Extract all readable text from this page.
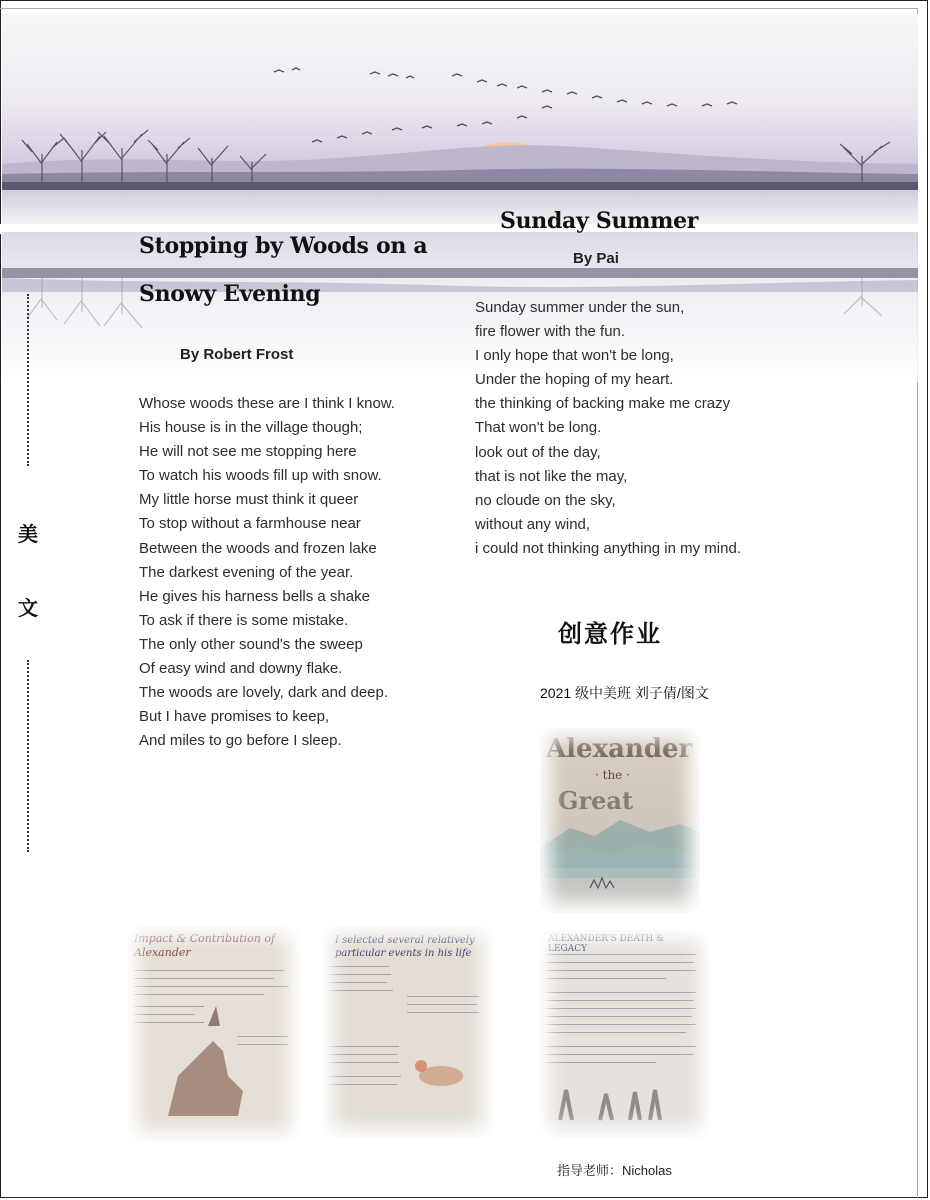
美
文
Stopping by Woods on a Snowy Evening
By Robert Frost
Whose woods these are I think I know.
His house is in the village though;
He will not see me stopping here
To watch his woods fill up with snow.
My little horse must think it queer
To stop without a farmhouse near
Between the woods and frozen lake
The darkest evening of the year.
He gives his harness bells a shake
To ask if there is some mistake.
The only other sound's the sweep
Of easy wind and downy flake.
The woods are lovely, dark and deep.
But I have promises to keep,
And miles to go before I sleep.
Sunday Summer
By Pai
Sunday summer under the sun,
fire flower with the fun.
I only hope that won't be long,
Under the hoping of my heart.
the thinking of backing make me crazy
That won't be long.
look out of the day,
that is not like the may,
no cloude on the sky,
without any wind,
i could not thinking anything in my mind.
创意作业
2021 级中美班 刘子倩/图文
Alexander
· the ·
Great
Impact & Contribution of Alexander
I selected several relatively particular events in his life
ALEXANDER'S DEATH & LEGACY
指导老师：Nicholas
